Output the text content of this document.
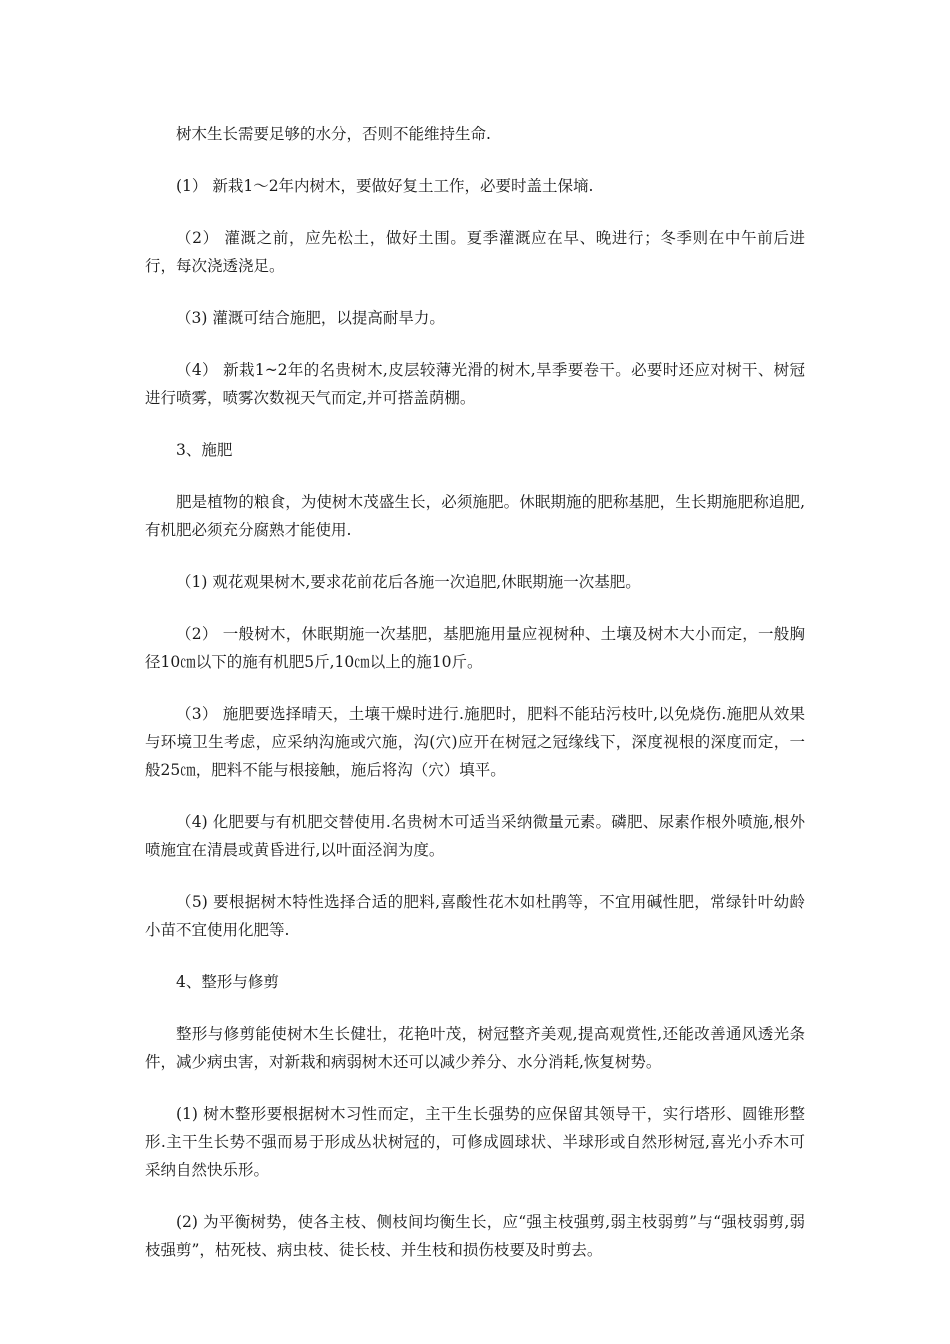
树木生长需要足够的水分，否则不能维持生命.

(1） 新栽1～2年内树木，要做好复土工作，必要时盖土保墒.

（2） 灌溉之前，应先松土，做好土围。夏季灌溉应在早、晚进行；冬季则在中午前后进行，每次浇透浇足。

（3) 灌溉可结合施肥，以提高耐旱力。

（4） 新栽1~2年的名贵树木,皮层较薄光滑的树木,旱季要卷干。必要时还应对树干、树冠进行喷雾，喷雾次数视天气而定,并可搭盖荫棚。

3、施肥

肥是植物的粮食，为使树木茂盛生长，必须施肥。休眠期施的肥称基肥，生长期施肥称追肥,有机肥必须充分腐熟才能使用.

（1) 观花观果树木,要求花前花后各施一次追肥,休眠期施一次基肥。

（2） 一般树木，休眠期施一次基肥，基肥施用量应视树种、土壤及树木大小而定，一般胸径10㎝以下的施有机肥5斤,10㎝以上的施10斤。

（3） 施肥要选择晴天，土壤干燥时进行.施肥时，肥料不能玷污枝叶,以免烧伤.施肥从效果与环境卫生考虑，应采纳沟施或穴施，沟(穴)应开在树冠之冠缘线下，深度视根的深度而定，一般25㎝，肥料不能与根接触，施后将沟（穴）填平。

（4) 化肥要与有机肥交替使用.名贵树木可适当采纳微量元素。磷肥、尿素作根外喷施,根外喷施宜在清晨或黄昏进行,以叶面泾润为度。

（5) 要根据树木特性选择合适的肥料,喜酸性花木如杜鹃等，不宜用碱性肥，常绿针叶幼龄小苗不宜使用化肥等.

4、整形与修剪

整形与修剪能使树木生长健壮，花艳叶茂，树冠整齐美观,提高观赏性,还能改善通风透光条件，减少病虫害，对新栽和病弱树木还可以减少养分、水分消耗,恢复树势。

(1) 树木整形要根据树木习性而定，主干生长强势的应保留其领导干，实行塔形、圆锥形整形.主干生长势不强而易于形成丛状树冠的，可修成圆球状、半球形或自然形树冠,喜光小乔木可采纳自然快乐形。

(2) 为平衡树势，使各主枝、侧枝间均衡生长，应“强主枝强剪,弱主枝弱剪”与“强枝弱剪,弱枝强剪”，枯死枝、病虫枝、徒长枝、并生枝和损伤枝要及时剪去。
